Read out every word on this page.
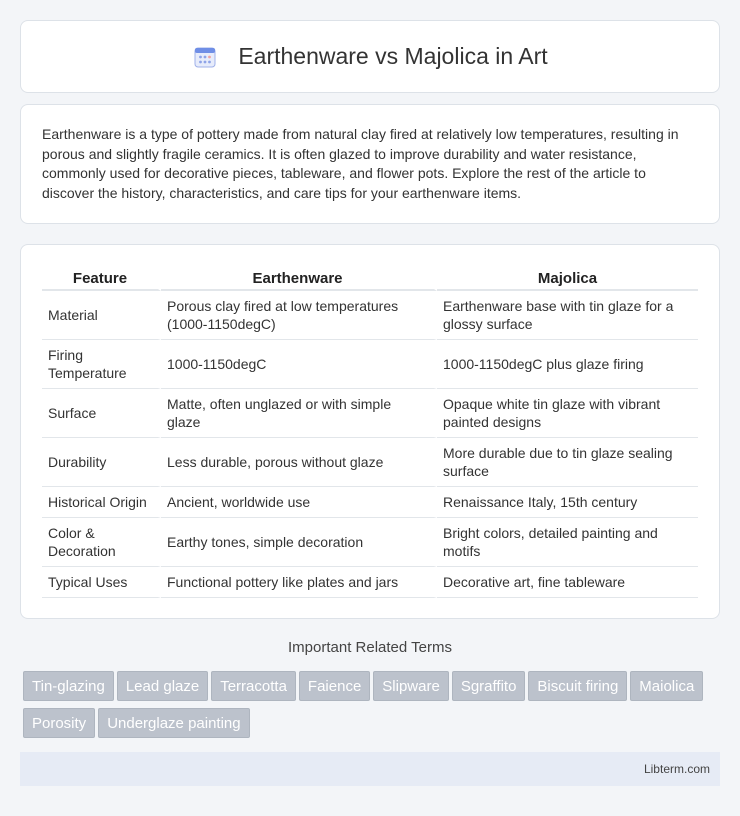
Earthenware vs Majolica in Art

Earthenware is a type of pottery made from natural clay fired at relatively low temperatures, resulting in porous and slightly fragile ceramics. It is often glazed to improve durability and water resistance, commonly used for decorative pieces, tableware, and flower pots. Explore the rest of the article to discover the history, characteristics, and care tips for your earthenware items.

Feature	Earthenware	Majolica
Material	Porous clay fired at low temperatures (1000-1150degC)	Earthenware base with tin glaze for a glossy surface
Firing Temperature	1000-1150degC	1000-1150degC plus glaze firing
Surface	Matte, often unglazed or with simple glaze	Opaque white tin glaze with vibrant painted designs
Durability	Less durable, porous without glaze	More durable due to tin glaze sealing surface
Historical Origin	Ancient, worldwide use	Renaissance Italy, 15th century
Color & Decoration	Earthy tones, simple decoration	Bright colors, detailed painting and motifs
Typical Uses	Functional pottery like plates and jars	Decorative art, fine tableware
Important Related Terms
Tin-glazing Lead glaze Terracotta Faience Slipware Sgraffito Biscuit firing MaiolicaPorosity Underglaze painting
Libterm.com
